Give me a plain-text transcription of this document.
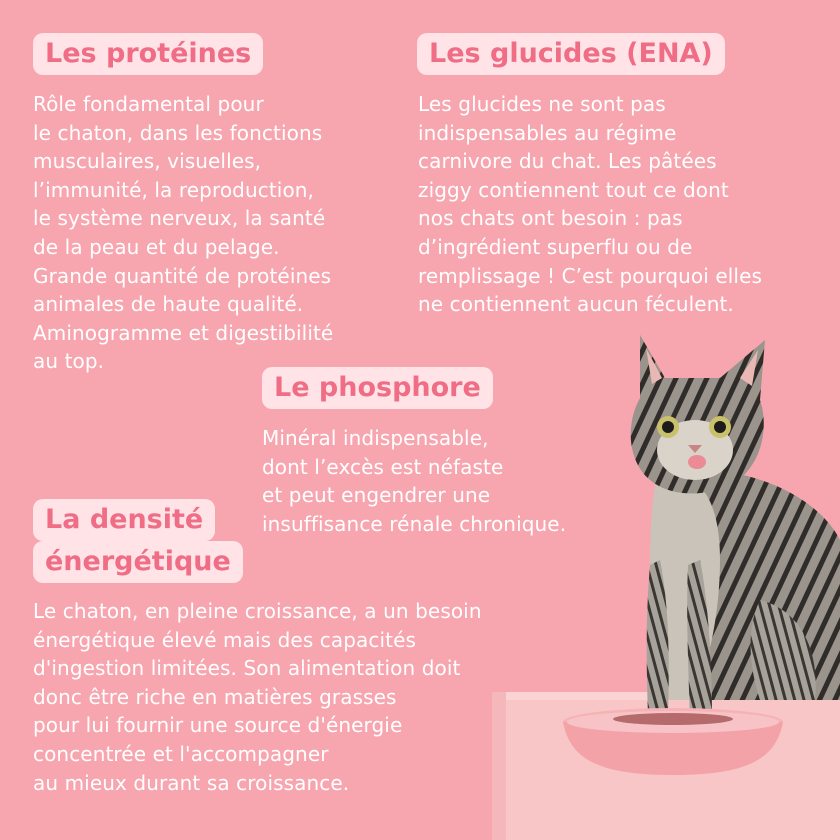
Les protéines
Rôle fondamental pour
le chaton, dans les fonctions
musculaires, visuelles,
l’immunité, la reproduction,
le système nerveux, la santé
de la peau et du pelage.
Grande quantité de protéines
animales de haute qualité.
Aminogramme et digestibilité
au top.
Les glucides (ENA)
Les glucides ne sont pas
indispensables au régime
carnivore du chat. Les pâtées
ziggy contiennent tout ce dont
nos chats ont besoin : pas
d’ingrédient superflu ou de
remplissage ! C’est pourquoi elles
ne contiennent aucun féculent.
Le phosphore
Minéral indispensable,
dont l’excès est néfaste
et peut engendrer une
insuffisance rénale chronique.
La densité
énergétique
Le chaton, en pleine croissance, a un besoin
énergétique élevé mais des capacités
d'ingestion limitées. Son alimentation doit
donc être riche en matières grasses
pour lui fournir une source d'énergie
concentrée et l'accompagner
au mieux durant sa croissance.
